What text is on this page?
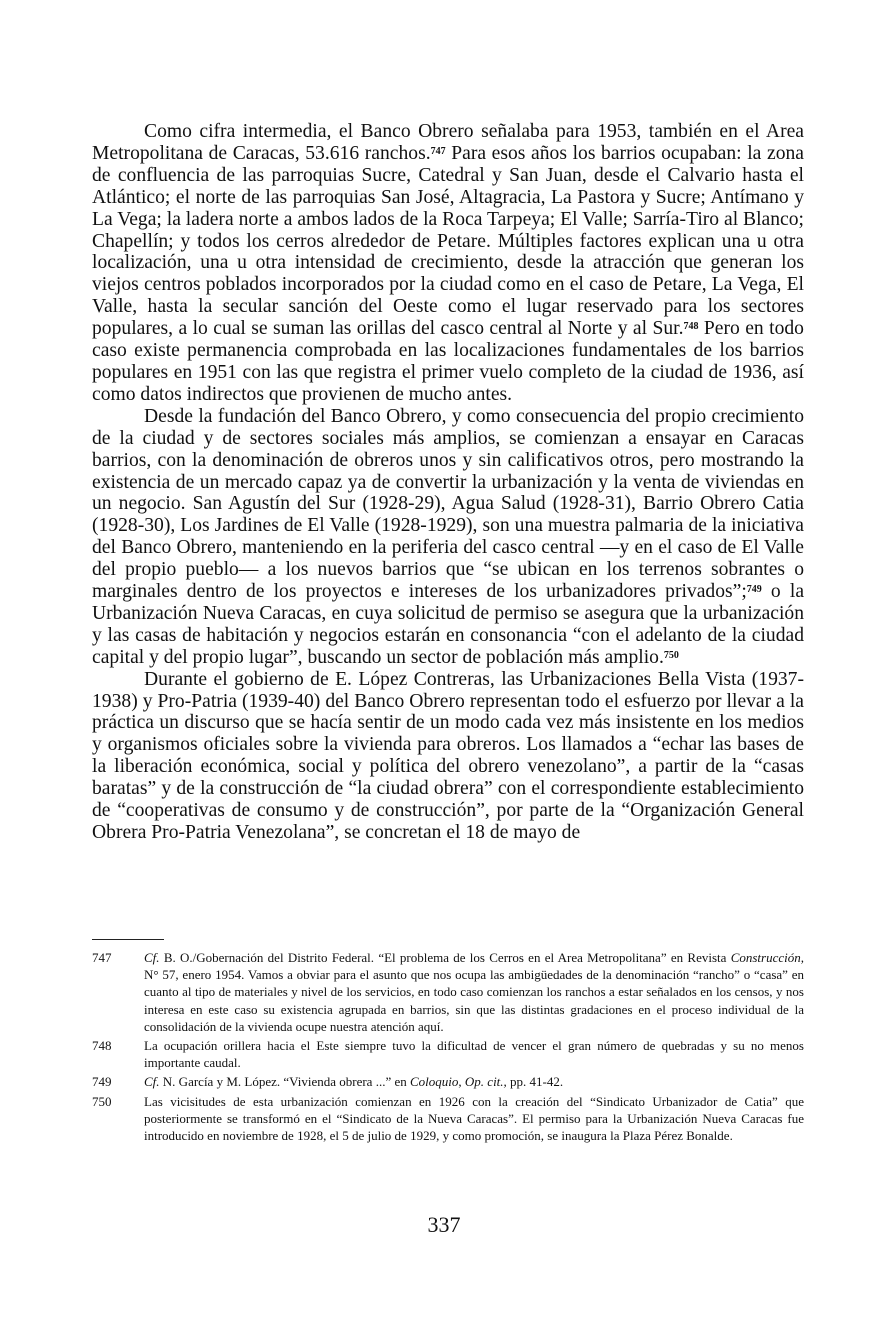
Como cifra intermedia, el Banco Obrero señalaba para 1953, también en el Area Metropolitana de Caracas, 53.616 ranchos.$^{747}$ Para esos años los barrios ocupaban: la zona de confluencia de las parroquias Sucre, Catedral y San Juan, desde el Calvario hasta el Atlántico; el norte de las parroquias San José, Altagracia, La Pastora y Sucre; Antímano y La Vega; la ladera norte a ambos lados de la Roca Tarpeya; El Valle; Sarría-Tiro al Blanco; Chapellín; y todos los cerros alrededor de Petare. Múltiples factores explican una u otra localización, una u otra intensidad de crecimiento, desde la atracción que generan los viejos centros poblados incorporados por la ciudad como en el caso de Petare, La Vega, El Valle, hasta la secular sanción del Oeste como el lugar reservado para los sectores populares, a lo cual se suman las orillas del casco central al Norte y al Sur.$^{748}$ Pero en todo caso existe permanencia comprobada en las localizaciones fundamentales de los barrios populares en 1951 con las que registra el primer vuelo completo de la ciudad de 1936, así como datos indirectos que provienen de mucho antes.

Desde la fundación del Banco Obrero, y como consecuencia del propio crecimiento de la ciudad y de sectores sociales más amplios, se comienzan a ensayar en Caracas barrios, con la denominación de obreros unos y sin calificativos otros, pero mostrando la existencia de un mercado capaz ya de convertir la urbanización y la venta de viviendas en un negocio. San Agustín del Sur (1928-29), Agua Salud (1928-31), Barrio Obrero Catia (1928-30), Los Jardines de El Valle (1928-1929), son una muestra palmaria de la iniciativa del Banco Obrero, manteniendo en la periferia del casco central —y en el caso de El Valle del propio pueblo— a los nuevos barrios que “se ubican en los terrenos sobrantes o marginales dentro de los proyectos e intereses de los urbanizadores privados”;$^{749}$ o la Urbanización Nueva Caracas, en cuya solicitud de permiso se asegura que la urbanización y las casas de habitación y negocios estarán en consonancia “con el adelanto de la ciudad capital y del propio lugar”, buscando un sector de población más amplio.$^{750}$

Durante el gobierno de E. López Contreras, las Urbanizaciones Bella Vista (1937-1938) y Pro-Patria (1939-40) del Banco Obrero representan todo el esfuerzo por llevar a la práctica un discurso que se hacía sentir de un modo cada vez más insistente en los medios y organismos oficiales sobre la vivienda para obreros. Los llamados a “echar las bases de la liberación económica, social y política del obrero venezolano”, a partir de la “casas baratas” y de la construcción de “la ciudad obrera” con el correspondiente establecimiento de “cooperativas de consumo y de construcción”, por parte de la “Organización General Obrera Pro-Patria Venezolana”, se concretan el 18 de mayo de

747	Cf. B. O./Gobernación del Distrito Federal. “El problema de los Cerros en el Area Metropolitana” en Revista Construcción, N° 57, enero 1954. Vamos a obviar para el asunto que nos ocupa las ambigüedades de la denominación “rancho” o “casa” en cuanto al tipo de materiales y nivel de los servicios, en todo caso comienzan los ranchos a estar señalados en los censos, y nos interesa en este caso su existencia agrupada en barrios, sin que las distintas gradaciones en el proceso individual de la consolidación de la vivienda ocupe nuestra atención aquí.
748	La ocupación orillera hacia el Este siempre tuvo la dificultad de vencer el gran número de quebradas y su no menos importante caudal.
749	Cf. N. García y M. López. “Vivienda obrera ...” en Coloquio, Op. cit., pp. 41-42.
750	Las vicisitudes de esta urbanización comienzan en 1926 con la creación del “Sindicato Urbanizador de Catia” que posteriormente se transformó en el “Sindicato de la Nueva Caracas”. El permiso para la Urbanización Nueva Caracas fue introducido en noviembre de 1928, el 5 de julio de 1929, y como promoción, se inaugura la Plaza Pérez Bonalde.
337
